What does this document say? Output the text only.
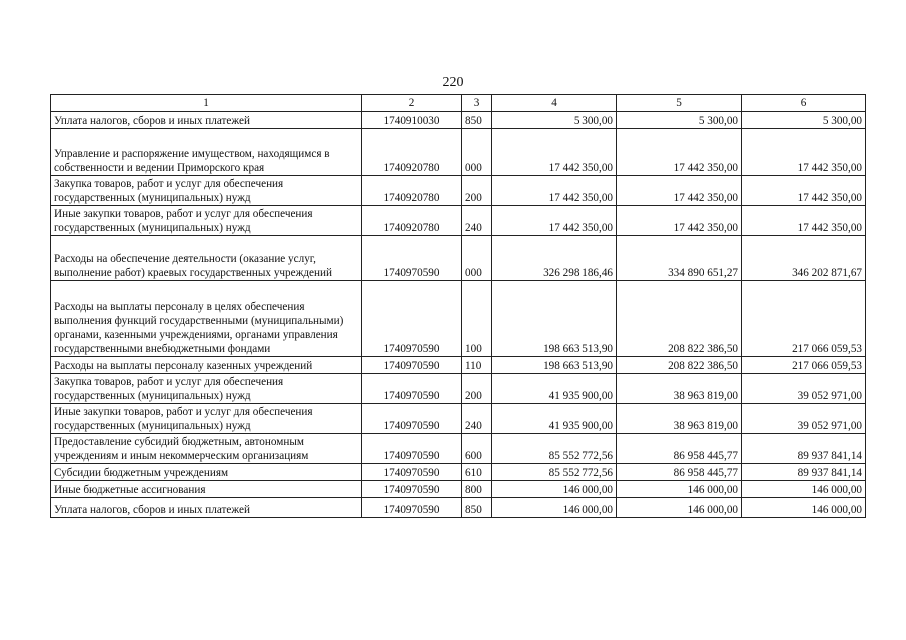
220
1	2	3	4	5	6
Уплата налогов, сборов и иных платежей	1740910030	850	5 300,00	5 300,00	5 300,00
Управление и распоряжение имуществом, находящимся в собственности и ведении Приморского края	1740920780	000	17 442 350,00	17 442 350,00	17 442 350,00
Закупка товаров, работ и услуг для обеспечения государственных (муниципальных) нужд	1740920780	200	17 442 350,00	17 442 350,00	17 442 350,00
Иные закупки товаров, работ и услуг для обеспечения государственных (муниципальных) нужд	1740920780	240	17 442 350,00	17 442 350,00	17 442 350,00
Расходы на обеспечение деятельности (оказание услуг, выполнение работ) краевых государственных учреждений	1740970590	000	326 298 186,46	334 890 651,27	346 202 871,67
Расходы на выплаты персоналу в целях обеспечения выполнения функций государственными (муниципальными) органами, казенными учреждениями, органами управления государственными внебюджетными фондами	1740970590	100	198 663 513,90	208 822 386,50	217 066 059,53
Расходы на выплаты персоналу казенных учреждений	1740970590	110	198 663 513,90	208 822 386,50	217 066 059,53
Закупка товаров, работ и услуг для обеспечения государственных (муниципальных) нужд	1740970590	200	41 935 900,00	38 963 819,00	39 052 971,00
Иные закупки товаров, работ и услуг для обеспечения государственных (муниципальных) нужд	1740970590	240	41 935 900,00	38 963 819,00	39 052 971,00
Предоставление субсидий бюджетным, автономным учреждениям и иным некоммерческим организациям	1740970590	600	85 552 772,56	86 958 445,77	89 937 841,14
Субсидии бюджетным учреждениям	1740970590	610	85 552 772,56	86 958 445,77	89 937 841,14
Иные бюджетные ассигнования	1740970590	800	146 000,00	146 000,00	146 000,00
Уплата налогов, сборов и иных платежей	1740970590	850	146 000,00	146 000,00	146 000,00
